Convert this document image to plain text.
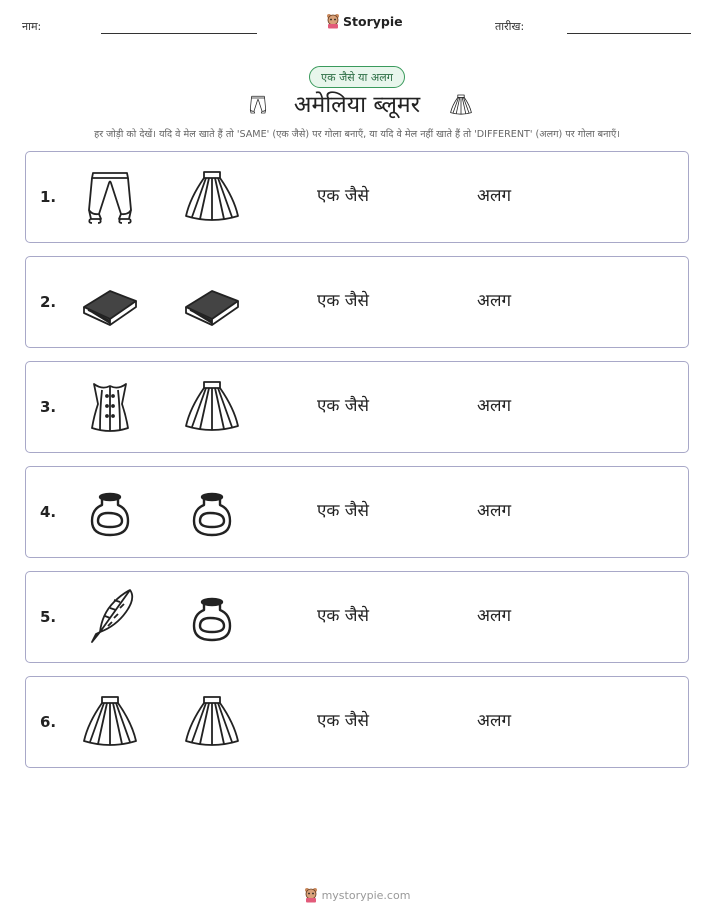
नाम:	Storypie	तारीख:
एक जैसे या अलग
अमेलिया ब्लूमर
हर जोड़ी को देखें। यदि वे मेल खाते हैं तो 'SAME' (एक जैसे) पर गोला बनाएँ, या यदि वे मेल नहीं खाते हैं तो 'DIFFERENT' (अलग) पर गोला बनाएँ।
1.	एक जैसे	अलग
2.	एक जैसे	अलग
3.	एक जैसे	अलग
4.	एक जैसे	अलग
5.	एक जैसे	अलग
6.	एक जैसे	अलग
mystorypie.com
